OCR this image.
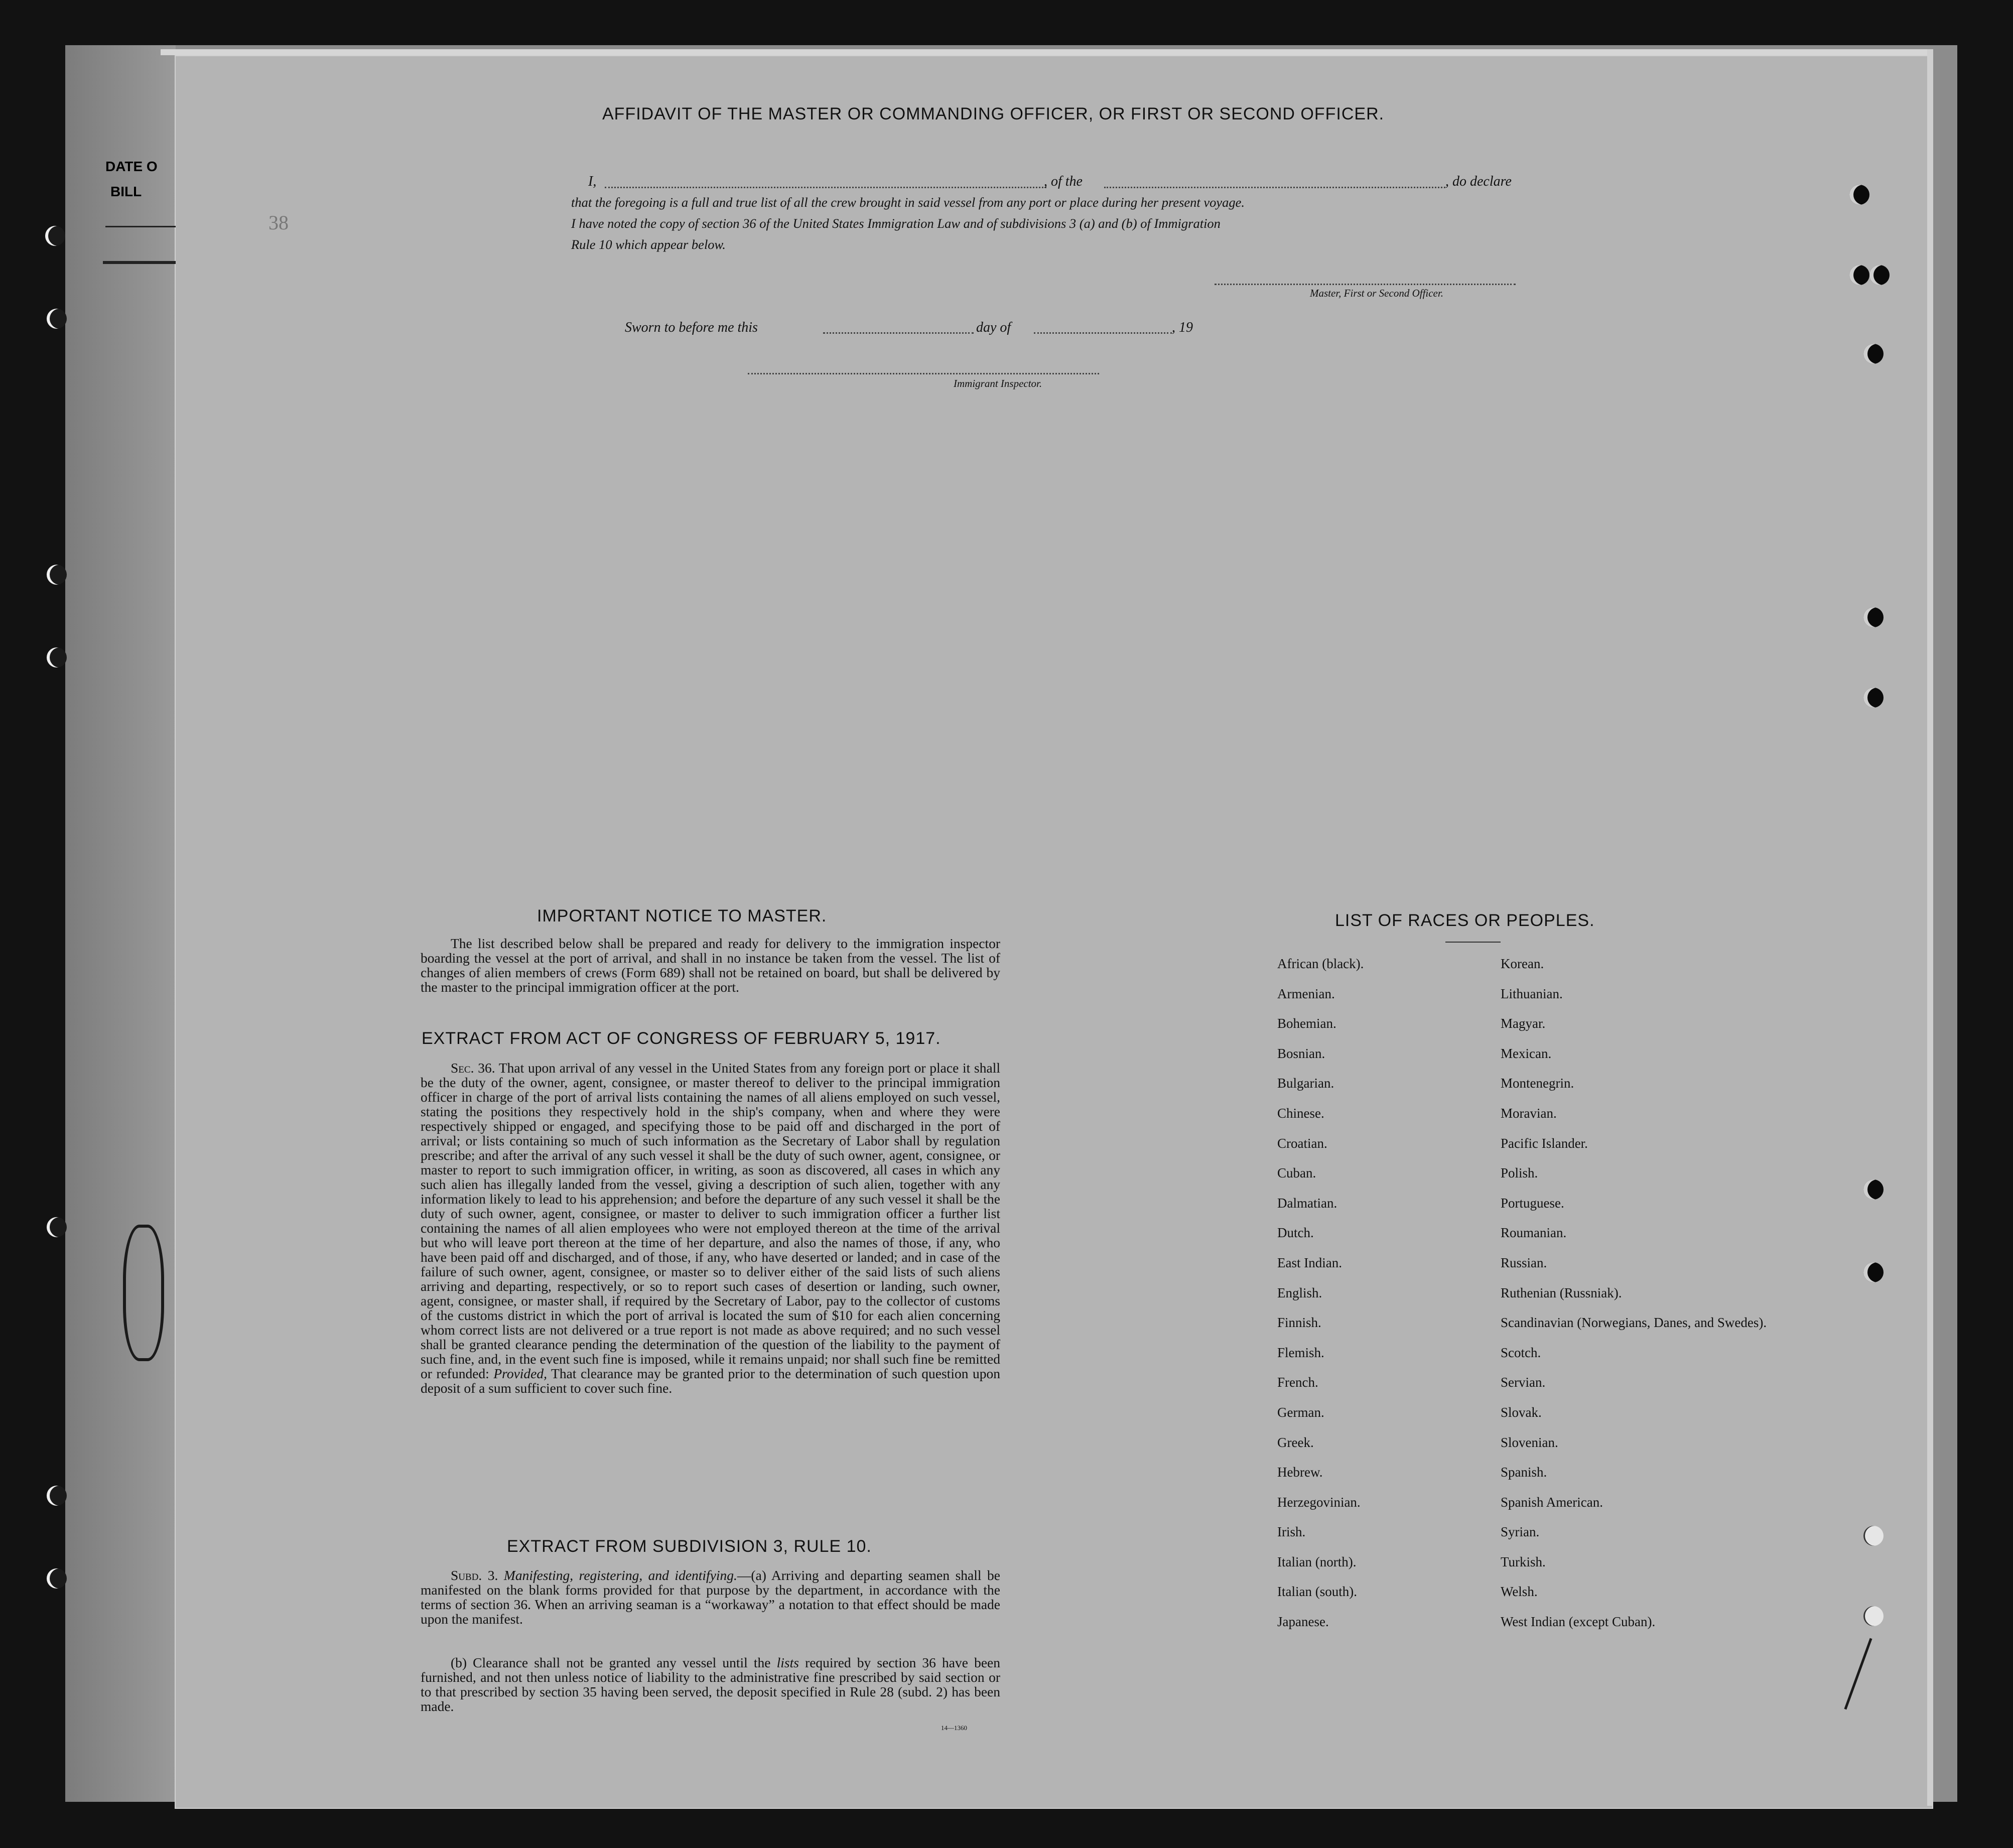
DATE O
BILL
38
AFFIDAVIT OF THE MASTER OR COMMANDING OFFICER, OR FIRST OR SECOND OFFICER.
I,	, of the	, do declare
that the foregoing is a full and true list of all the crew brought in said vessel from any port or place during her present voyage.
I have noted the copy of section 36 of the United States Immigration Law and of subdivisions 3 (a) and (b) of Immigration
Rule 10 which appear below.
Master, First or Second Officer.
Sworn to before me this	day of	, 19
Immigrant Inspector.
IMPORTANT NOTICE TO MASTER.
The list described below shall be prepared and ready for delivery to the immigration inspector boarding the vessel at the port of arrival, and shall in no instance be taken from the vessel. The list of changes of alien members of crews (Form 689) shall not be retained on board, but shall be delivered by the master to the principal immigration officer at the port.
EXTRACT FROM ACT OF CONGRESS OF FEBRUARY 5, 1917.
Sec. 36. That upon arrival of any vessel in the United States from any foreign port or place it shall be the duty of the owner, agent, consignee, or master thereof to deliver to the principal immigration officer in charge of the port of arrival lists containing the names of all aliens employed on such vessel, stating the positions they respectively hold in the ship's company, when and where they were respectively shipped or engaged, and specifying those to be paid off and discharged in the port of arrival; or lists containing so much of such information as the Secretary of Labor shall by regulation prescribe; and after the arrival of any such vessel it shall be the duty of such owner, agent, consignee, or master to report to such immigration officer, in writing, as soon as discovered, all cases in which any such alien has illegally landed from the vessel, giving a description of such alien, together with any information likely to lead to his apprehension; and before the departure of any such vessel it shall be the duty of such owner, agent, consignee, or master to deliver to such immigration officer a further list containing the names of all alien employees who were not employed thereon at the time of the arrival but who will leave port thereon at the time of her departure, and also the names of those, if any, who have been paid off and discharged, and of those, if any, who have deserted or landed; and in case of the failure of such owner, agent, consignee, or master so to deliver either of the said lists of such aliens arriving and departing, respectively, or so to report such cases of desertion or landing, such owner, agent, consignee, or master shall, if required by the Secretary of Labor, pay to the collector of customs of the customs district in which the port of arrival is located the sum of $10 for each alien concerning whom correct lists are not delivered or a true report is not made as above required; and no such vessel shall be granted clearance pending the determination of the question of the liability to the payment of such fine, and, in the event such fine is imposed, while it remains unpaid; nor shall such fine be remitted or refunded: Provided, That clearance may be granted prior to the determination of such question upon deposit of a sum sufficient to cover such fine.
EXTRACT FROM SUBDIVISION 3, RULE 10.
Subd. 3. Manifesting, registering, and identifying.—(a) Arriving and departing seamen shall be manifested on the blank forms provided for that purpose by the department, in accordance with the terms of section 36. When an arriving seaman is a “workaway” a notation to that effect should be made upon the manifest.
(b) Clearance shall not be granted any vessel until the lists required by section 36 have been furnished, and not then unless notice of liability to the administrative fine prescribed by said section or to that prescribed by section 35 having been served, the deposit specified in Rule 28 (subd. 2) has been made.
14—1360
LIST OF RACES OR PEOPLES.
African (black).
Armenian.
Bohemian.
Bosnian.
Bulgarian.
Chinese.
Croatian.
Cuban.
Dalmatian.
Dutch.
East Indian.
English.
Finnish.
Flemish.
French.
German.
Greek.
Hebrew.
Herzegovinian.
Irish.
Italian (north).
Italian (south).
Japanese.
Korean.
Lithuanian.
Magyar.
Mexican.
Montenegrin.
Moravian.
Pacific Islander.
Polish.
Portuguese.
Roumanian.
Russian.
Ruthenian (Russniak).
Scandinavian (Norwegians, Danes, and Swedes).
Scotch.
Servian.
Slovak.
Slovenian.
Spanish.
Spanish American.
Syrian.
Turkish.
Welsh.
West Indian (except Cuban).
